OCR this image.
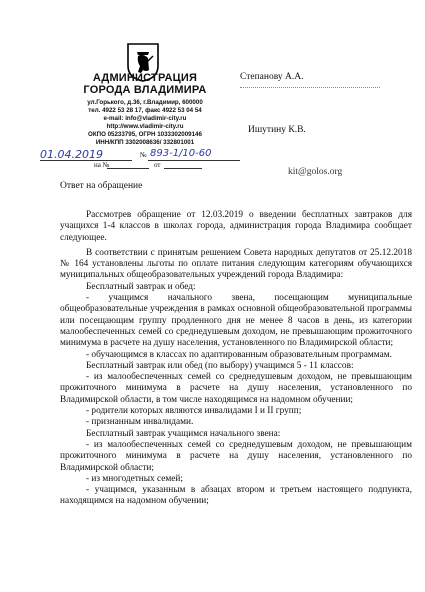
АДМИНИСТРАЦИЯ
ГОРОДА ВЛАДИМИРА
ул.Горького, д.36, г.Владимир, 600000
тел. 4922 53 28 17, факс 4922 53 04 54
e-mail: info@vladimir-city.ru
http://www.vladimir-city.ru
ОКПО 05233795, ОГРН 1033302009146
ИНН/КПП 3302008636/ 332801001
01.04.2019	№ 893-1/10-60
на №	от
Степанову А.А.
Ишутину К.В.
kit@golos.org
Ответ на обращение

Рассмотрев обращение от 12.03.2019 о введении бесплатных завтраков для учащихся 1-4 классов в школах города, администрация города Владимира сообщает следующее.

В соответствии с принятым решением Совета народных депутатов от 25.12.2018 № 164 установлены льготы по оплате питания следующим категориям обучающихся муниципальных общеобразовательных учреждений города Владимира:

Бесплатный завтрак и обед:

- учащимся начального звена, посещающим муниципальные общеобразовательные учреждения в рамках основной общеобразовательной программы или посещающим группу продленного дня не менее 8 часов в день, из категории малообеспеченных семей со среднедушевым доходом, не превышающим прожиточного минимума в расчете на душу населения, установленного по Владимирской области;

- обучающимся в классах по адаптированным образовательным программам.

Бесплатный завтрак или обед (по выбору) учащимся 5 - 11 классов:

- из малообеспеченных семей со среднедушевым доходом, не превышающим прожиточного минимума в расчете на душу населения, установленного по Владимирской области, в том числе находящимся на надомном обучении;

- родители которых являются инвалидами I и II групп;

- признанным инвалидами.

Бесплатный завтрак учащимся начального звена:

- из малообеспеченных семей со среднедушевым доходом, не превышающим прожиточного минимума в расчете на душу населения, установленного по Владимирской области;

- из многодетных семей;

- учащимся, указанным в абзацах втором и третьем настоящего подпункта, находящимся на надомном обучении;
